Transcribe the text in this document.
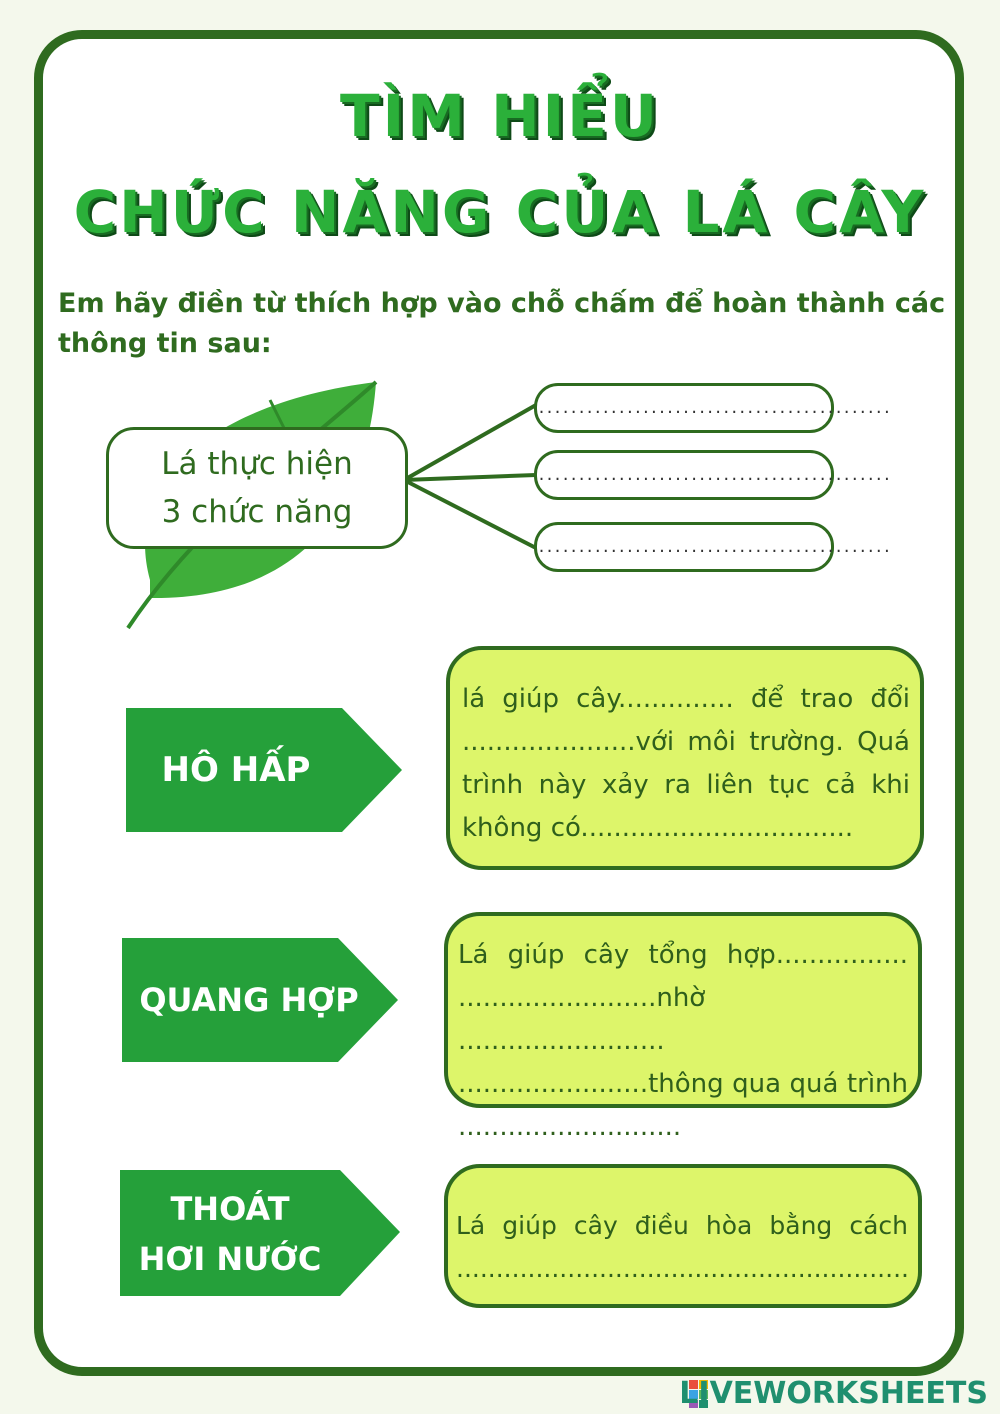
TÌM HIỂU
CHỨC NĂNG CỦA LÁ CÂY
Em hãy điền từ thích hợp vào chỗ chấm để hoàn thành các thông tin sau:
Lá thực hiện
3 chức năng
............................................
............................................
............................................
HÔ HẤP
QUANG HỢP
THOÁT
HƠI NƯỚC

lá giúp cây.............. để trao đổi .....................với môi trường. Quá trình này xảy ra liên tục cả khi không có.................................

Lá giúp cây tổng hợp................ ........................nhờ ......................... .......................thông qua quá trình ...........................

Lá giúp cây điều hòa bằng cách .........................................................

LIVEWORKSHEETS
